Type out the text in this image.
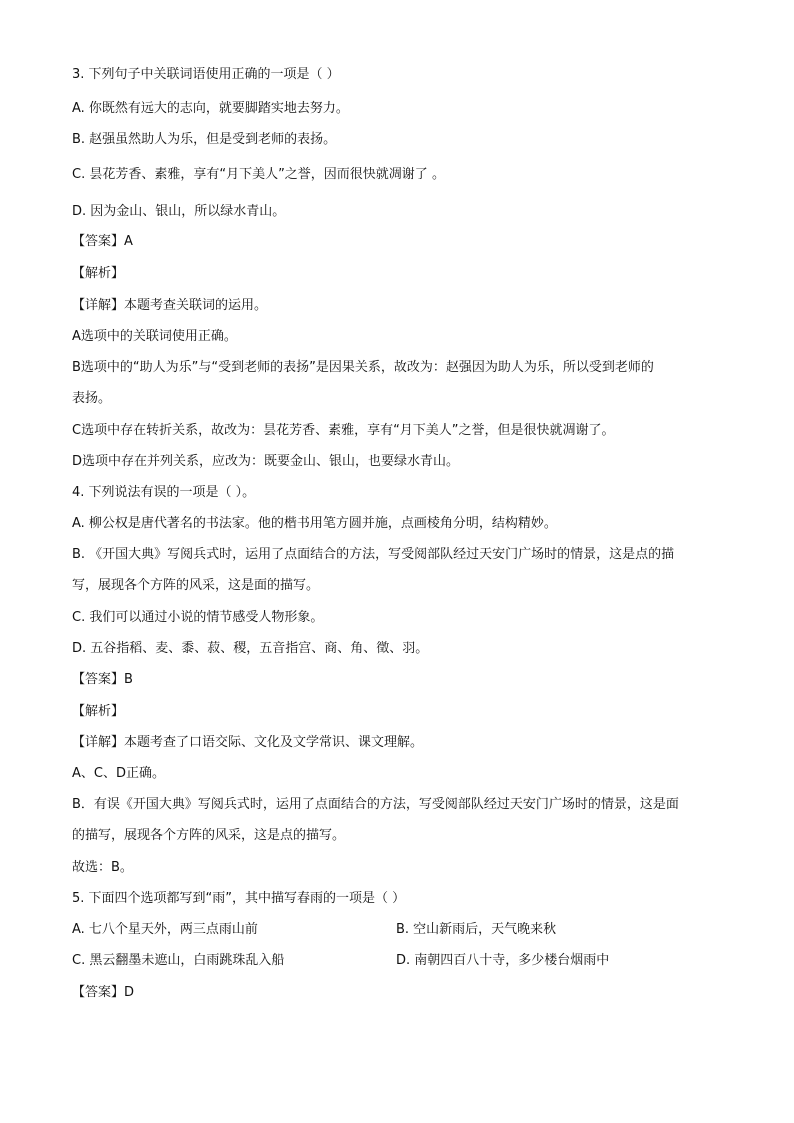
3. 下列句子中关联词语使用正确的一项是（ ）
A. 你既然有远大的志向，就要脚踏实地去努力。
B. 赵强虽然助人为乐，但是受到老师的表扬。
C. 昙花芳香、素雅，享有“月下美人”之誉，因而很快就凋谢了 。
D. 因为金山、银山，所以绿水青山。
【答案】A
【解析】
【详解】本题考查关联词的运用。
A选项中的关联词使用正确。
B选项中的“助人为乐”与“受到老师的表扬”是因果关系，故改为：赵强因为助人为乐，所以受到老师的
表扬。
C选项中存在转折关系，故改为：昙花芳香、素雅，享有“月下美人”之誉，但是很快就凋谢了。
D选项中存在并列关系，应改为：既要金山、银山，也要绿水青山。
4. 下列说法有误的一项是（ ）。
A. 柳公权是唐代著名的书法家。他的楷书用笔方圆并施，点画棱角分明，结构精妙。
B. 《开国大典》写阅兵式时，运用了点面结合的方法，写受阅部队经过天安门广场时的情景，这是点的描
写，展现各个方阵的风采，这是面的描写。
C. 我们可以通过小说的情节感受人物形象。
D. 五谷指稻、麦、黍、菽、稷，五音指宫、商、角、徵、羽。
【答案】B
【解析】
【详解】本题考查了口语交际、文化及文学常识、课文理解。
A、C、D正确。
B．有误《开国大典》写阅兵式时，运用了点面结合的方法，写受阅部队经过天安门广场时的情景，这是面
的描写，展现各个方阵的风采，这是点的描写。
故选：B。
5. 下面四个选项都写到“雨”，其中描写春雨的一项是（ ）
A. 七八个星天外，两三点雨山前	B. 空山新雨后，天气晚来秋
C. 黑云翻墨未遮山，白雨跳珠乱入船	D. 南朝四百八十寺，多少楼台烟雨中
【答案】D
